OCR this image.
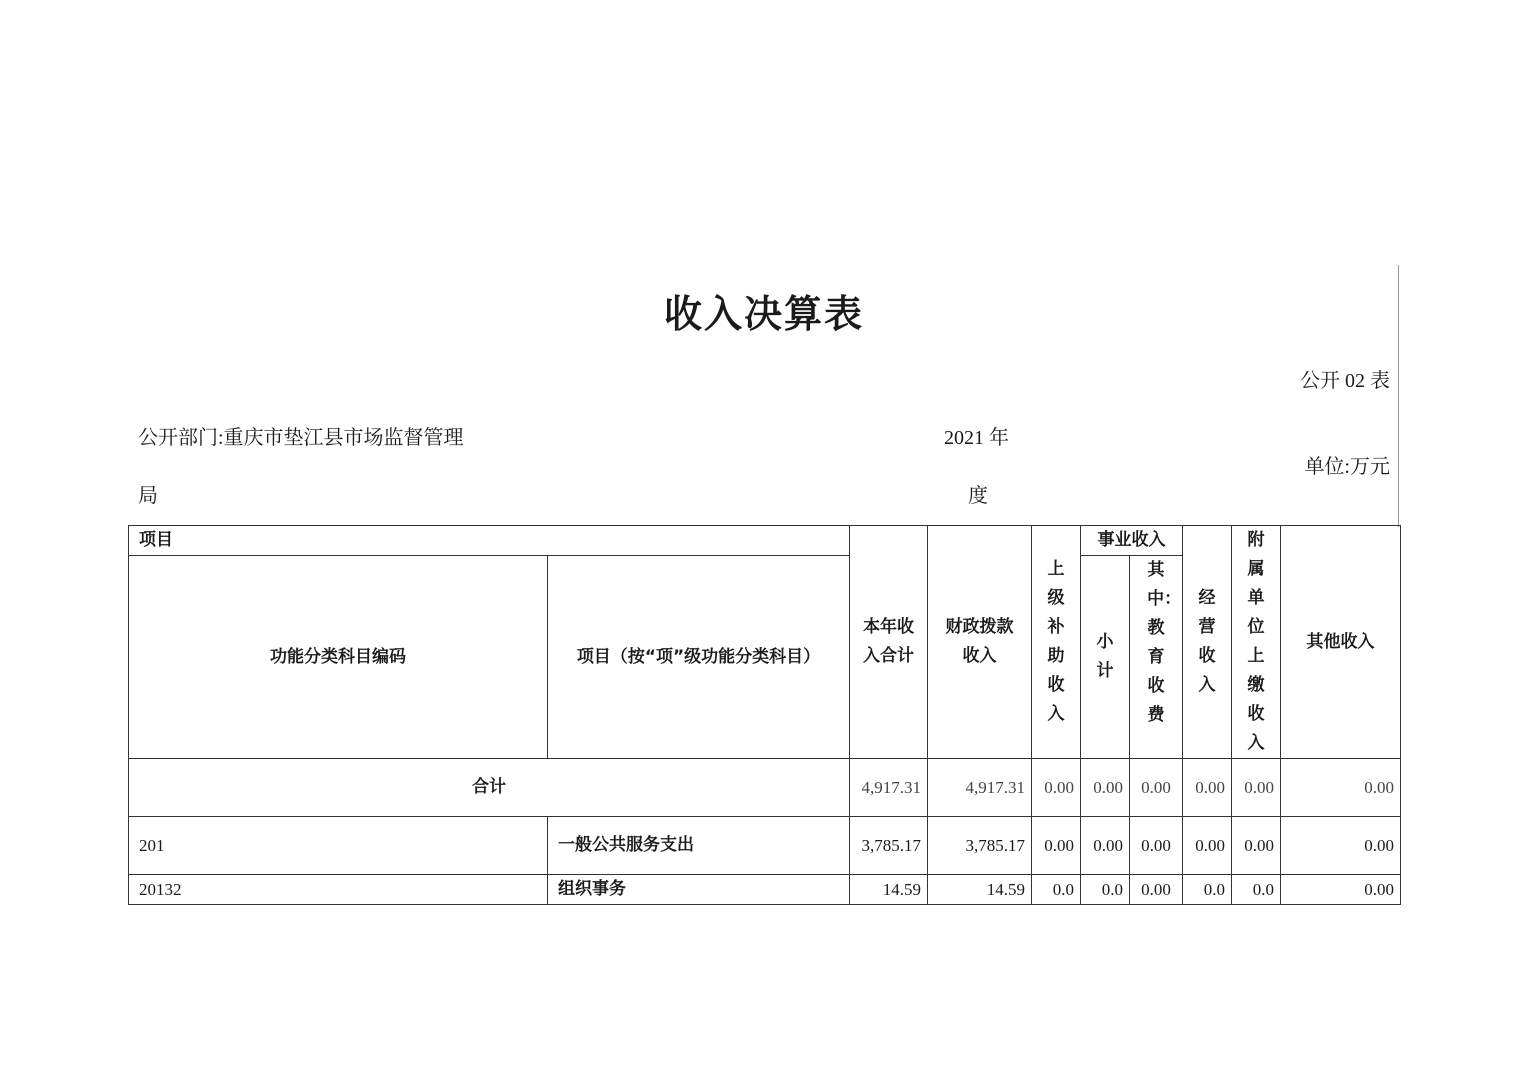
收入决算表
公开 02 表
公开部门:重庆市垫江县市场监督管理
局
2021 年
度
单位:万元
项目		本年收入合计	财政拨款收入	上级补助收入	事业收入		经营收入	附属单位上缴收入	其他收入
功能分类科目编码	项目（按“项”级功能分类科目）				小计	其中：教育收费			

合计		4,917.31	4,917.31	0.00	0.00	0.00	0.00	0.00	0.00
201	一般公共服务支出	3,785.17	3,785.17	0.00	0.00	0.00	0.00	0.00	0.00
20132	组织事务	14.59	14.59	0.0	0.0	0.00	0.0	0.0	0.00
